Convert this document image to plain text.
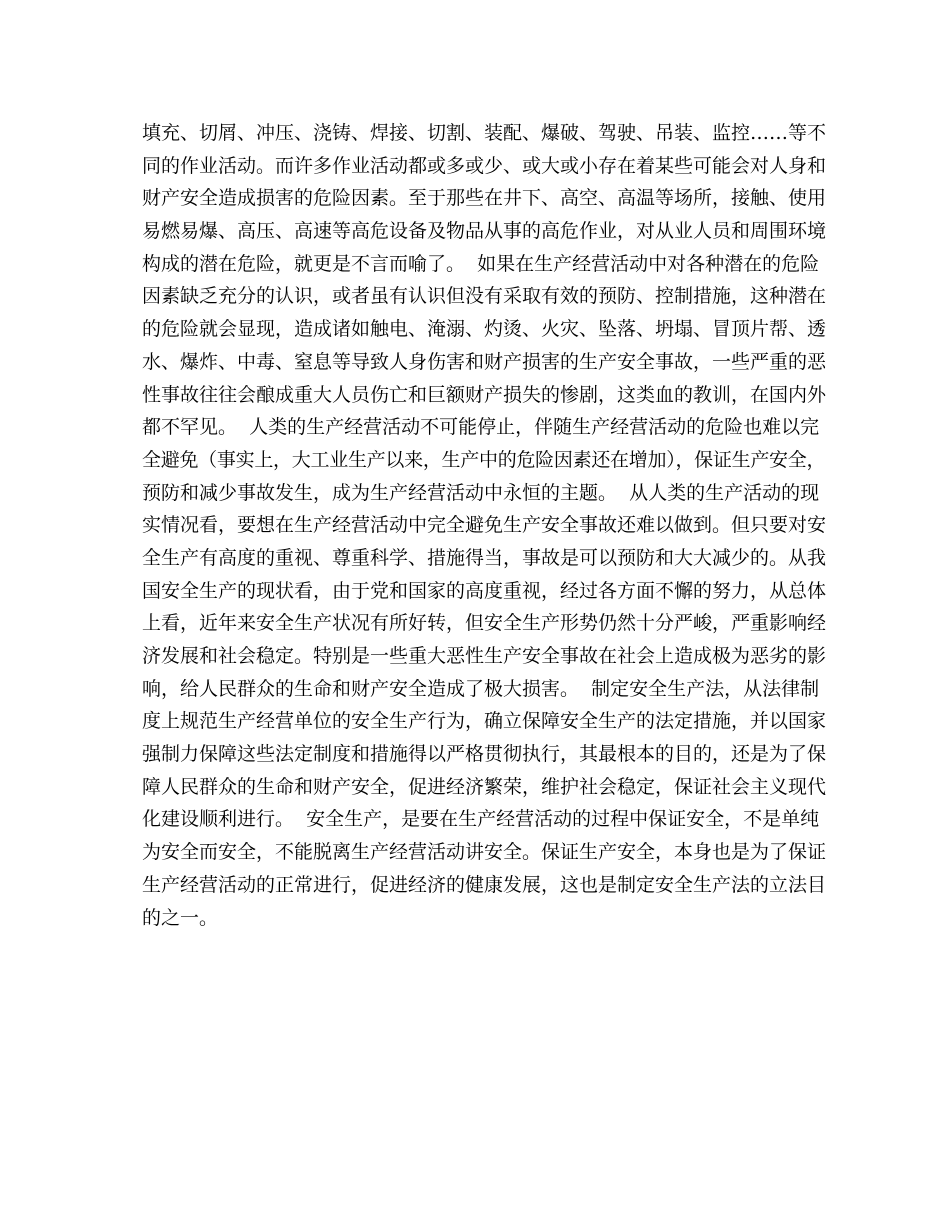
填充、切屑、冲压、浇铸、焊接、切割、装配、爆破、驾驶、吊装、监控……等不
同的作业活动。而许多作业活动都或多或少、或大或小存在着某些可能会对人身和
财产安全造成损害的危险因素。至于那些在井下、高空、高温等场所，接触、使用
易燃易爆、高压、高速等高危设备及物品从事的高危作业，对从业人员和周围环境
构成的潜在危险，就更是不言而喻了。  如果在生产经营活动中对各种潜在的危险
因素缺乏充分的认识，或者虽有认识但没有采取有效的预防、控制措施，这种潜在
的危险就会显现，造成诸如触电、淹溺、灼烫、火灾、坠落、坍塌、冒顶片帮、透
水、爆炸、中毒、窒息等导致人身伤害和财产损害的生产安全事故，一些严重的恶
性事故往往会酿成重大人员伤亡和巨额财产损失的惨剧，这类血的教训，在国内外
都不罕见。  人类的生产经营活动不可能停止，伴随生产经营活动的危险也难以完
全避免（事实上，大工业生产以来，生产中的危险因素还在增加），保证生产安全，
预防和减少事故发生，成为生产经营活动中永恒的主题。  从人类的生产活动的现
实情况看，要想在生产经营活动中完全避免生产安全事故还难以做到。但只要对安
全生产有高度的重视、尊重科学、措施得当，事故是可以预防和大大减少的。从我
国安全生产的现状看，由于党和国家的高度重视，经过各方面不懈的努力，从总体
上看，近年来安全生产状况有所好转，但安全生产形势仍然十分严峻，严重影响经
济发展和社会稳定。特别是一些重大恶性生产安全事故在社会上造成极为恶劣的影
响，给人民群众的生命和财产安全造成了极大损害。  制定安全生产法，从法律制
度上规范生产经营单位的安全生产行为，确立保障安全生产的法定措施，并以国家
强制力保障这些法定制度和措施得以严格贯彻执行，其最根本的目的，还是为了保
障人民群众的生命和财产安全，促进经济繁荣，维护社会稳定，保证社会主义现代
化建设顺利进行。  安全生产，是要在生产经营活动的过程中保证安全，不是单纯
为安全而安全，不能脱离生产经营活动讲安全。保证生产安全，本身也是为了保证
生产经营活动的正常进行，促进经济的健康发展，这也是制定安全生产法的立法目
的之一。
